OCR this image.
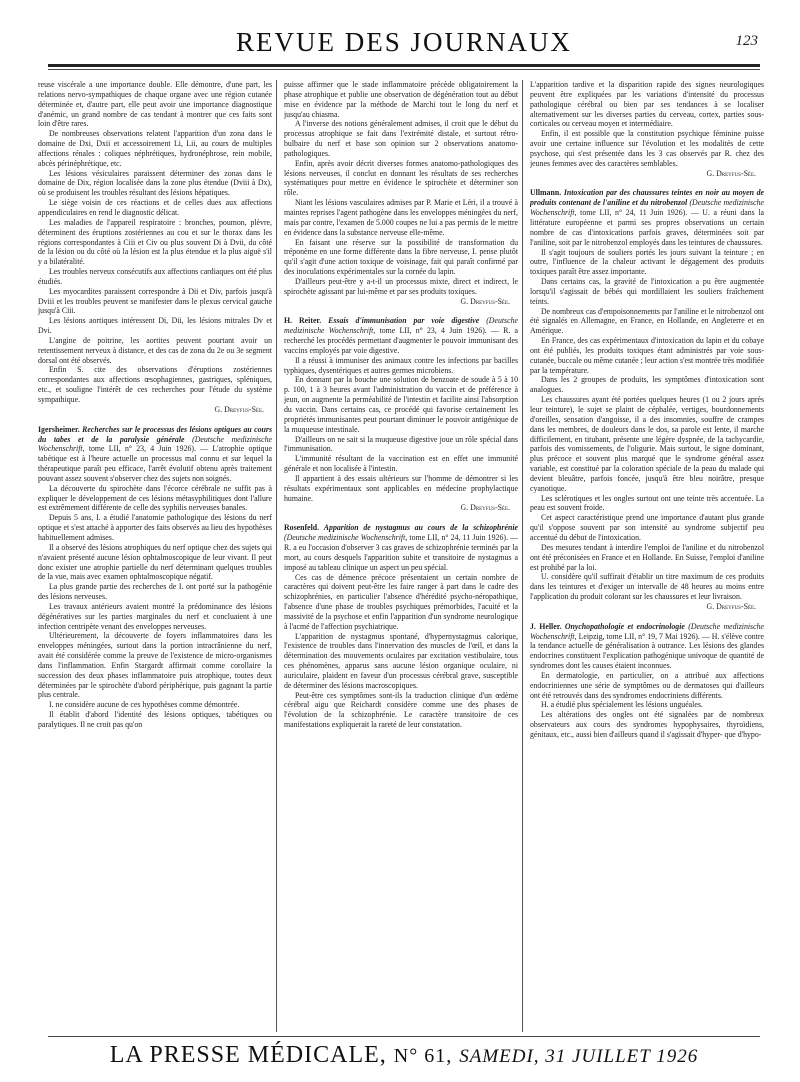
REVUE DES JOURNAUX	123

reuse viscérale a une importance double. Elle démontre, d'une part, les relations nervo-sympathiques de chaque organe avec une région cutanée déterminée et, d'autre part, elle peut avoir une importance diagnostique d'anémic, un grand nombre de cas tendant à montrer que ces faits sont loin d'être rares.

De nombreuses observations relatent l'apparition d'un zona dans le domaine de Dxi, Dxii et accessoirement Li, Lii, au cours de multiples affections rénales : coliques néphrétiques, hydronéphrose, rein mobile, abcès périnéphrétique, etc.

Les lésions vésiculaires paraissent déterminer des zonas dans le domaine de Dix, région localisée dans la zone plus étendue (Dviii à Dx), où se produisent les troubles résultant des lésions hépatiques.

Le siège voisin de ces réactions et de celles dues aux affections appendiculaires en rend le diagnostic délicat.

Les maladies de l'appareil respiratoire : bronches, poumon, plèvre, déterminent des éruptions zostériennes au cou et sur le thorax dans les régions correspondantes à Ciii et Civ ou plus souvent Di à Dvii, du côté de la lésion ou du côté où la lésion est la plus étendue et la plus aiguë s'il y a bilatéralité.

Les troubles nerveux consécutifs aux affections cardiaques ont été plus étudiés.

Les myocardites paraissent correspondre à Dii et Div, parfois jusqu'à Dviii et les troubles peuvent se manifester dans le plexus cervical gauche jusqu'à Ciii.

Les lésions aortiques intéressent Di, Dii, les lésions mitrales Dv et Dvi.

L'angine de poitrine, les aortites peuvent pourtant avoir un retentissement nerveux à distance, et des cas de zona du 2e ou 3e segment dorsal ont été observés.

Enfin S. cite des observations d'éruptions zostériennes correspondantes aux affections œsophagiennes, gastriques, spléniques, etc., et souligne l'intérêt de ces recherches pour l'étude du système sympathique.

G. Dreyfus-Sée.

Igersheimer. Recherches sur le processus des lésions optiques au cours du tabes et de la paralysie générale (Deutsche medizinische Wochenschrift, tome LII, n° 23, 4 Juin 1926). — L'atrophie optique tabétique est à l'heure actuelle un processus mal connu et sur lequel la thérapeutique paraît peu efficace, l'arrêt évolutif obtenu après traitement pouvant assez souvent s'observer chez des sujets non soignés.

La découverte du spirochète dans l'écorce cérébrale ne suffit pas à expliquer le développement de ces lésions métasyphilitiques dont l'allure est extrêmement différente de celle des syphilis nerveuses banales.

Depuis 5 ans, I. a étudié l'anatomie pathologique des lésions du nerf optique et s'est attaché à apporter des faits observés au lieu des hypothèses habituellement admises.

Il a observé des lésions atrophiques du nerf optique chez des sujets qui n'avaient présenté aucune lésion ophtalmoscopique de leur vivant. Il peut donc exister une atrophie partielle du nerf déterminant quelques troubles de la vue, mais avec examen ophtalmoscopique négatif.

La plus grande partie des recherches de I. ont porté sur la pathogénie des lésions nerveuses.

Les travaux antérieurs avaient montré la prédominance des lésions dégénératives sur les parties marginales du nerf et concluaient à une infection centripète venant des enveloppes nerveuses.

Ultérieurement, la découverte de foyers inflammatoires dans les enveloppes méningées, surtout dans la portion intracrânienne du nerf, avait été considérée comme la preuve de l'existence de micro-organismes dans l'inflammation. Enfin Stargardt affirmait comme corollaire la succession des deux phases inflammatoire puis atrophique, toutes deux déterminées par le spirochète d'abord périphérique, puis gagnant la partie plus centrale.

I. ne considère aucune de ces hypothèses comme démontrée.

Il établit d'abord l'identité des lésions optiques, tabétiques ou paralytiques. Il ne croit pas qu'on

puisse affirmer que le stade inflammatoire précède obligatoirement la phase atrophique et publie une observation de dégénération tout au début mise en évidence par la méthode de Marchi tout le long du nerf et jusqu'au chiasma.

A l'inverse des notions généralement admises, il croit que le début du processus atrophique se fait dans l'extrémité distale, et surtout rétro-bulbaire du nerf et base son opinion sur 2 observations anatomo-pathologiques.

Enfin, après avoir décrit diverses formes anatomo-pathologiques des lésions nerveuses, il conclut en donnant les résultats de ses recherches systématiques pour mettre en évidence le spirochète et déterminer son rôle.

Niant les lésions vasculaires admises par P. Marie et Léri, il a trouvé à maintes reprises l'agent pathogène dans les enveloppes méningées du nerf, mais par contre, l'examen de 5.000 coupes ne lui a pas permis de le mettre en évidence dans la substance nerveuse elle-même.

En faisant une réserve sur la possibilité de transformation du tréponème en une forme différente dans la fibre nerveuse, I. pense plutôt qu'il s'agit d'une action toxique de voisinage, fait qui paraît confirmé par des inoculations expérimentales sur la cornée du lapin.

D'ailleurs peut-être y a-t-il un processus mixte, direct et indirect, le spirochète agissant par lui-même et par ses produits toxiques.

G. Dreyfus-Sée.

H. Reiter. Essais d'immunisation par voie digestive (Deutsche medizinische Wochenschrift, tome LII, n° 23, 4 Juin 1926). — R. a recherché les procédés permettant d'augmenter le pouvoir immunisant des vaccins employés par voie digestive.

Il a réussi à immuniser des animaux contre les infections par bacilles typhiques, dysentériques et autres germes microbiens.

En donnant par la bouche une solution de benzoate de soude à 5 à 10 p. 100, 1 à 3 heures avant l'administration du vaccin et de préférence à jeun, on augmente la perméabilité de l'intestin et facilite ainsi l'absorption du vaccin. Dans certains cas, ce procédé qui favorise certainement les propriétés immunisantes peut pourtant diminuer le pouvoir antigénique de la muqueuse intestinale.

D'ailleurs on ne sait si la muqueuse digestive joue un rôle spécial dans l'immunisation.

L'immunité résultant de la vaccination est en effet une immunité générale et non localisée à l'intestin.

Il appartient à des essais ultérieurs sur l'homme de démontrer si les résultats expérimentaux sont applicables en médecine prophylactique humaine.

G. Dreyfus-Sée.

Rosenfeld. Apparition de nystagmus au cours de la schizophrénie (Deutsche medizinische Wochenschrift, tome LII, n° 24, 11 Juin 1926). — R. a eu l'occasion d'observer 3 cas graves de schizophrénie terminés par la mort, au cours desquels l'apparition subite et transitoire de nystagmus a imposé au tableau clinique un aspect un peu spécial.

Ces cas de démence précoce présentaient un certain nombre de caractères qui doivent peut-être les faire ranger à part dans le cadre des schizophrénies, en particulier l'absence d'hérédité psycho-néropathique, l'absence d'une phase de troubles psychiques prémorbides, l'acuité et la massivité de la psychose et enfin l'apparition d'un syndrome neurologique à l'acmé de l'affection psychiatrique.

L'apparition de nystagmus spontané, d'hypernystagmus calorique, l'existence de troubles dans l'innervation des muscles de l'œil, et dans la détermination des mouvements oculaires par excitation vestibulaire, tous ces phénomènes, apparus sans aucune lésion organique oculaire, ni auriculaire, plaident en faveur d'un processus cérébral grave, susceptible de déterminer des lésions macroscopiques.

Peut-être ces symptômes sont-ils la traduction clinique d'un œdème cérébral aigu que Reichardt considère comme une des phases de l'évolution de la schizophrénie. Le caractère transitoire de ces manifestations expliquerait la rareté de leur constatation.

L'apparition tardive et la disparition rapide des signes neurologiques peuvent être expliquées par les variations d'intensité du processus pathologique cérébral ou bien par ses tendances à se localiser alternativement sur les diverses parties du cerveau, cortex, parties sous-corticales ou cerveau moyen et intermédiaire.

Enfin, il est possible que la constitution psychique féminine puisse avoir une certaine influence sur l'évolution et les modalités de cette psychose, qui s'est présentée dans les 3 cas observés par R. chez des jeunes femmes avec des caractères semblables.

G. Dreyfus-Sée.

Ullmann. Intoxication par des chaussures teintes en noir au moyen de produits contenant de l'aniline et du nitrobenzol (Deutsche medizinische Wochenschrift, tome LII, n° 24, 11 Juin 1926). — U. a réuni dans la littérature européenne et parmi ses propres observations un certain nombre de cas d'intoxications parfois graves, déterminées soit par l'aniline, soit par le nitrobenzol employés dans les teintures de chaussures.

Il s'agit toujours de souliers portés les jours suivant la teinture ; en outre, l'influence de la chaleur activant le dégagement des produits toxiques paraît être assez importante.

Dans certains cas, la gravité de l'intoxication a pu être augmentée lorsqu'il s'agissait de bébés qui mordillaient les souliers fraîchement teints.

De nombreux cas d'empoisonnements par l'aniline et le nitrobenzol ont été signalés en Allemagne, en France, en Hollande, en Angleterre et en Amérique.

En France, des cas expérimentaux d'intoxication du lapin et du cobaye ont été publiés, les produits toxiques étant administrés par voie sous-cutanée, buccale ou même cutanée ; leur action s'est montrée très modifiée par la température.

Dans les 2 groupes de produits, les symptômes d'intoxication sont analogues.

Les chaussures ayant été portées quelques heures (1 ou 2 jours après leur teinture), le sujet se plaint de céphalée, vertiges, bourdonnements d'oreilles, sensation d'angoisse, il a des insomnies, souffre de crampes dans les membres, de douleurs dans le dos, sa parole est lente, il marche difficilement, en titubant, présente une légère dyspnée, de la tachycardie, parfois des vomissements, de l'oligurie. Mais surtout, le signe dominant, plus précoce et souvent plus marqué que le syndrome général assez variable, est constitué par la coloration spéciale de la peau du malade qui devient bleuâtre, parfois foncée, jusqu'à être bleu noirâtre, presque cyanotique.

Les sclérotiques et les ongles surtout ont une teinte très accentuée. La peau est souvent froide.

Cet aspect caractéristique prend une importance d'autant plus grande qu'il s'oppose souvent par son intensité au syndrome subjectif peu accentué du début de l'intoxication.

Des mesures tendant à interdire l'emploi de l'aniline et du nitrobenzol ont été préconisées en France et en Hollande. En Suisse, l'emploi d'aniline est prohibé par la loi.

U. considère qu'il suffirait d'établir un titre maximum de ces produits dans les teintures et d'exiger un intervalle de 48 heures au moins entre l'application du produit colorant sur les chaussures et leur livraison.

G. Dreyfus-Sée.

J. Heller. Onychopathologie et endocrinologie (Deutsche medizinische Wochenschrift, Leipzig, tome LII, n° 19, 7 Mai 1926). — H. s'élève contre la tendance actuelle de généralisation à outrance. Les lésions des glandes endocrines constituent l'explication pathogénique univoque de quantité de syndromes dont les causes étaient inconnues.

En dermatologie, en particulier, on a attribué aux affections endocriniennes une série de symptômes ou de dermatoses qui d'ailleurs ont été retrouvés dans des syndromes endocriniens différents.

H. a étudié plus spécialement les lésions unguéales.

Les altérations des ongles ont été signalées par de nombreux observateurs aux cours des syndromes hypophysaires, thyroïdiens, génitaux, etc., aussi bien d'ailleurs quand il s'agissait d'hyper- que d'hypo-

LA PRESSE MÉDICALE, N° 61, SAMEDI, 31 JUILLET 1926
